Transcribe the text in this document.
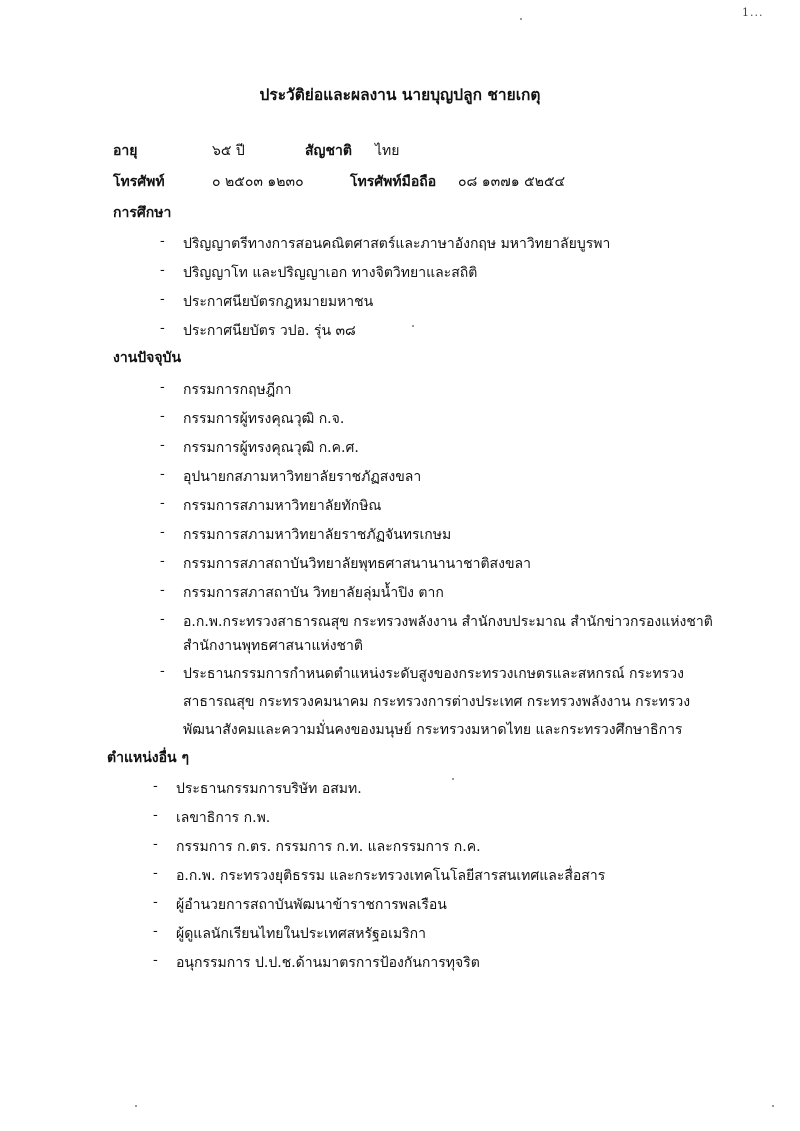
1...
ประวัติย่อและผลงาน นายบุญปลูก ชายเกตุ
อายุ	๖๕ ปี	สัญชาติ ไทย
โทรศัพท์	๐ ๒๕๐๓ ๑๒๓๐	โทรศัพท์มือถือ ๐๘ ๑๓๗๑ ๕๒๕๔
การศึกษา
- ปริญญาตรีทางการสอนคณิตศาสตร์และภาษาอังกฤษ มหาวิทยาลัยบูรพา
- ปริญญาโท และปริญญาเอก ทางจิตวิทยาและสถิติ
- ประกาศนียบัตรกฎหมายมหาชน
- ประกาศนียบัตร วปอ. รุ่น ๓๘
งานปัจจุบัน
- กรรมการกฤษฎีกา
- กรรมการผู้ทรงคุณวุฒิ ก.จ.
- กรรมการผู้ทรงคุณวุฒิ ก.ค.ศ.
- อุปนายกสภามหาวิทยาลัยราชภัฏสงขลา
- กรรมการสภามหาวิทยาลัยทักษิณ
- กรรมการสภามหาวิทยาลัยราชภัฏจันทรเกษม
- กรรมการสภาสถาบันวิทยาลัยพุทธศาสนานานาชาติสงขลา
- กรรมการสภาสถาบัน วิทยาลัยลุ่มน้ำปิง ตาก
- อ.ก.พ.กระทรวงสาธารณสุข กระทรวงพลังงาน สำนักงบประมาณ สำนักข่าวกรองแห่งชาติ
สำนักงานพุทธศาสนาแห่งชาติ
- ประธานกรรมการกำหนดตำแหน่งระดับสูงของกระทรวงเกษตรและสหกรณ์ กระทรวง
สาธารณสุข กระทรวงคมนาคม กระทรวงการต่างประเทศ กระทรวงพลังงาน กระทรวง
พัฒนาสังคมและความมั่นคงของมนุษย์ กระทรวงมหาดไทย และกระทรวงศึกษาธิการ
ตำแหน่งอื่น ๆ
- ประธานกรรมการบริษัท อสมท.
- เลขาธิการ ก.พ.
- กรรมการ ก.ตร. กรรมการ ก.ท. และกรรมการ ก.ค.
- อ.ก.พ. กระทรวงยุติธรรม และกระทรวงเทคโนโลยีสารสนเทศและสื่อสาร
- ผู้อำนวยการสถาบันพัฒนาข้าราชการพลเรือน
- ผู้ดูแลนักเรียนไทยในประเทศสหรัฐอเมริกา
- อนุกรรมการ ป.ป.ช.ด้านมาตรการป้องกันการทุจริต
